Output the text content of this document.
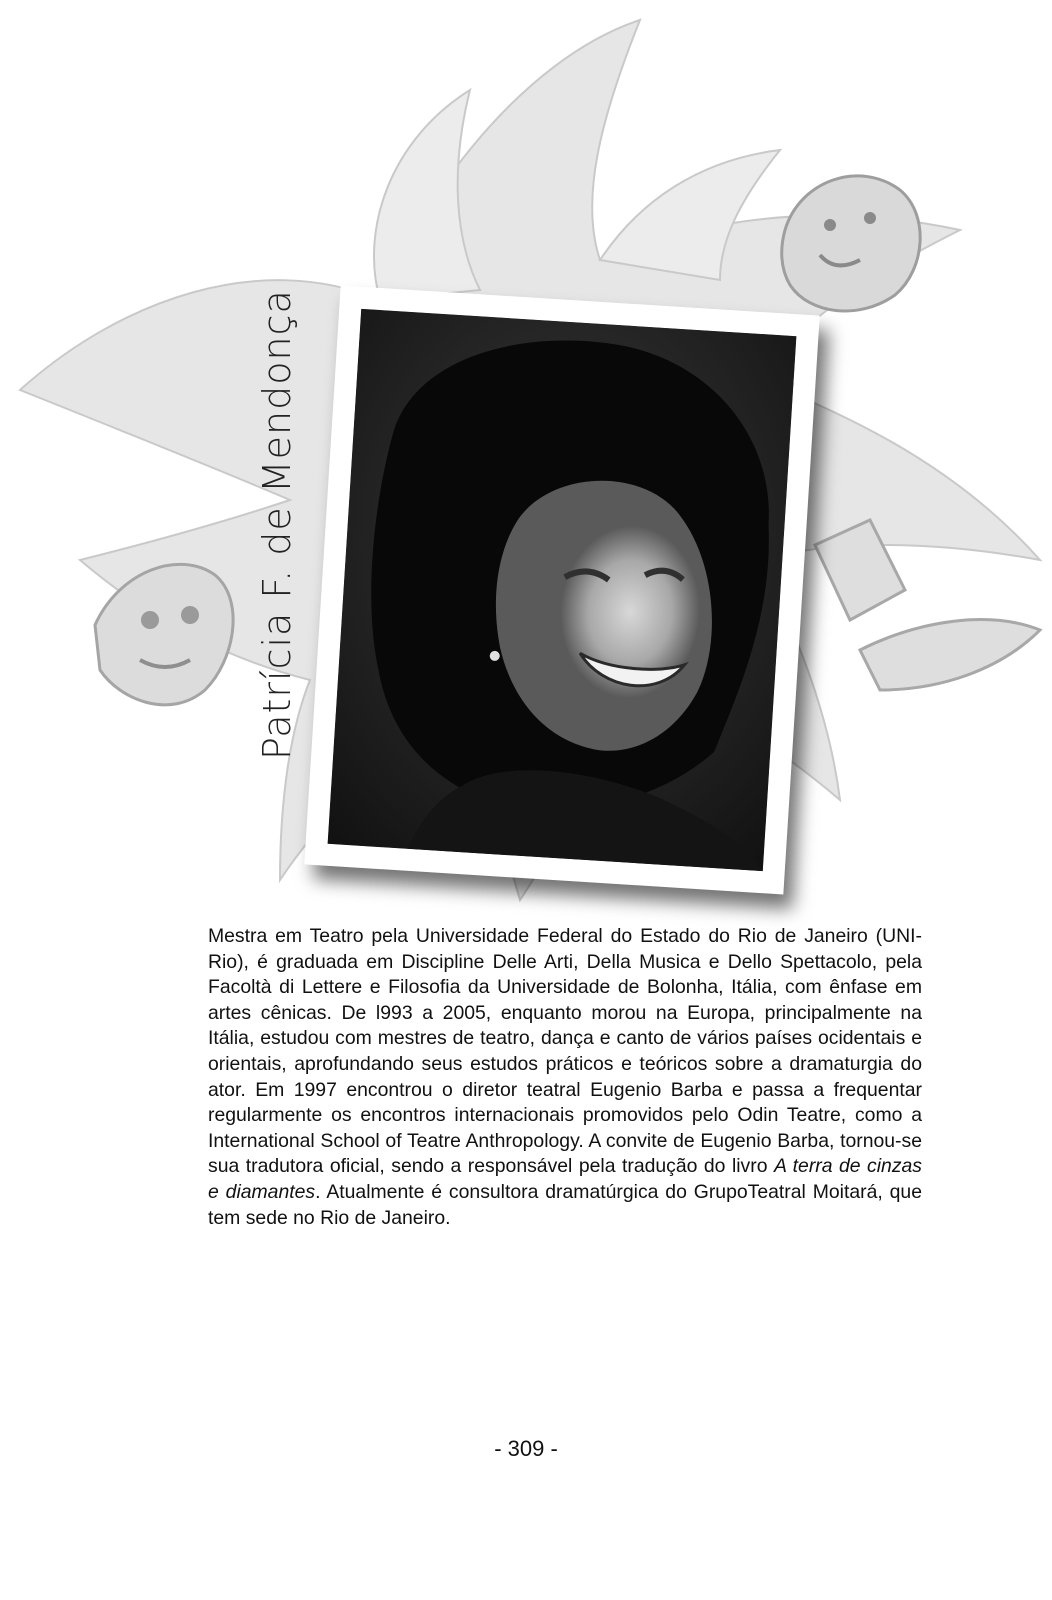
Patrícia F. de Mendonça

Mestra em Teatro pela Universidade Federal do Estado do Rio de Janeiro (UNI-Rio), é graduada em Discipline Delle Arti, Della Musica e Dello Spettacolo, pela Facoltà di Lettere e Filosofia da Universidade de Bolonha, Itália, com ênfase em artes cênicas. De l993 a 2005, enquanto morou na Europa, principalmente na Itália, estudou com mestres de teatro, dança e canto de vários países ocidentais e orientais, aprofundando seus estudos práticos e teóricos sobre a dramaturgia do ator. Em 1997 encontrou o diretor teatral Eugenio Barba e passa a frequentar regularmente os encontros internacionais promovidos pelo Odin Teatre, como a International School of Teatre Anthropology. A convite de Eugenio Barba, tornou-se sua tradutora oficial, sendo a responsável pela tradução do livro A terra de cinzas e diamantes. Atualmente é consultora dramatúrgica do GrupoTeatral Moitará, que tem sede no Rio de Janeiro.

- 309 -
